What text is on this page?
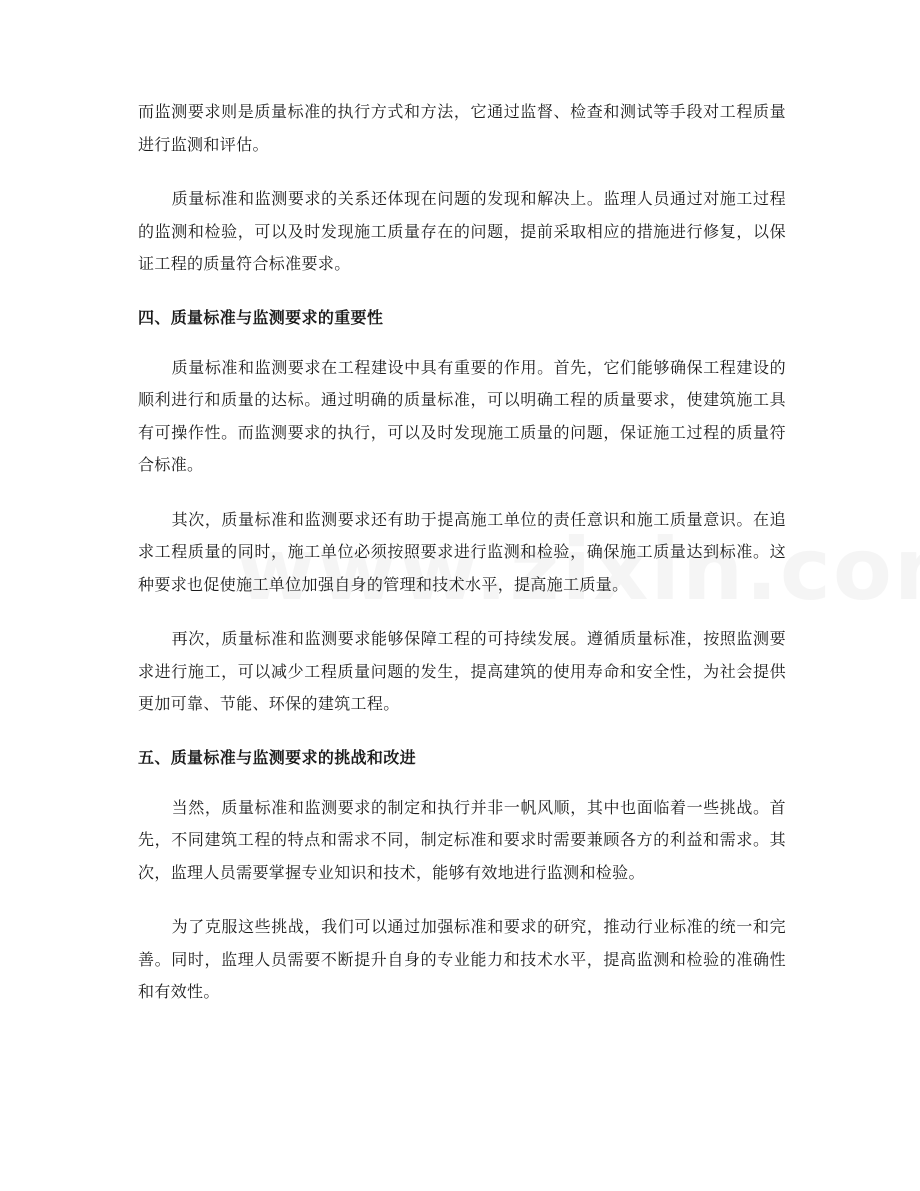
而监测要求则是质量标准的执行方式和方法，它通过监督、检查和测试等手段对工程质量进行监测和评估。

质量标准和监测要求的关系还体现在问题的发现和解决上。监理人员通过对施工过程的监测和检验，可以及时发现施工质量存在的问题，提前采取相应的措施进行修复，以保证工程的质量符合标准要求。

四、质量标准与监测要求的重要性

质量标准和监测要求在工程建设中具有重要的作用。首先，它们能够确保工程建设的顺利进行和质量的达标。通过明确的质量标准，可以明确工程的质量要求，使建筑施工具有可操作性。而监测要求的执行，可以及时发现施工质量的问题，保证施工过程的质量符合标准。

其次，质量标准和监测要求还有助于提高施工单位的责任意识和施工质量意识。在追求工程质量的同时，施工单位必须按照要求进行监测和检验，确保施工质量达到标准。这种要求也促使施工单位加强自身的管理和技术水平，提高施工质量。

再次，质量标准和监测要求能够保障工程的可持续发展。遵循质量标准，按照监测要求进行施工，可以减少工程质量问题的发生，提高建筑的使用寿命和安全性，为社会提供更加可靠、节能、环保的建筑工程。

五、质量标准与监测要求的挑战和改进

当然，质量标准和监测要求的制定和执行并非一帆风顺，其中也面临着一些挑战。首先，不同建筑工程的特点和需求不同，制定标准和要求时需要兼顾各方的利益和需求。其次，监理人员需要掌握专业知识和技术，能够有效地进行监测和检验。

为了克服这些挑战，我们可以通过加强标准和要求的研究，推动行业标准的统一和完善。同时，监理人员需要不断提升自身的专业能力和技术水平，提高监测和检验的准确性和有效性。
